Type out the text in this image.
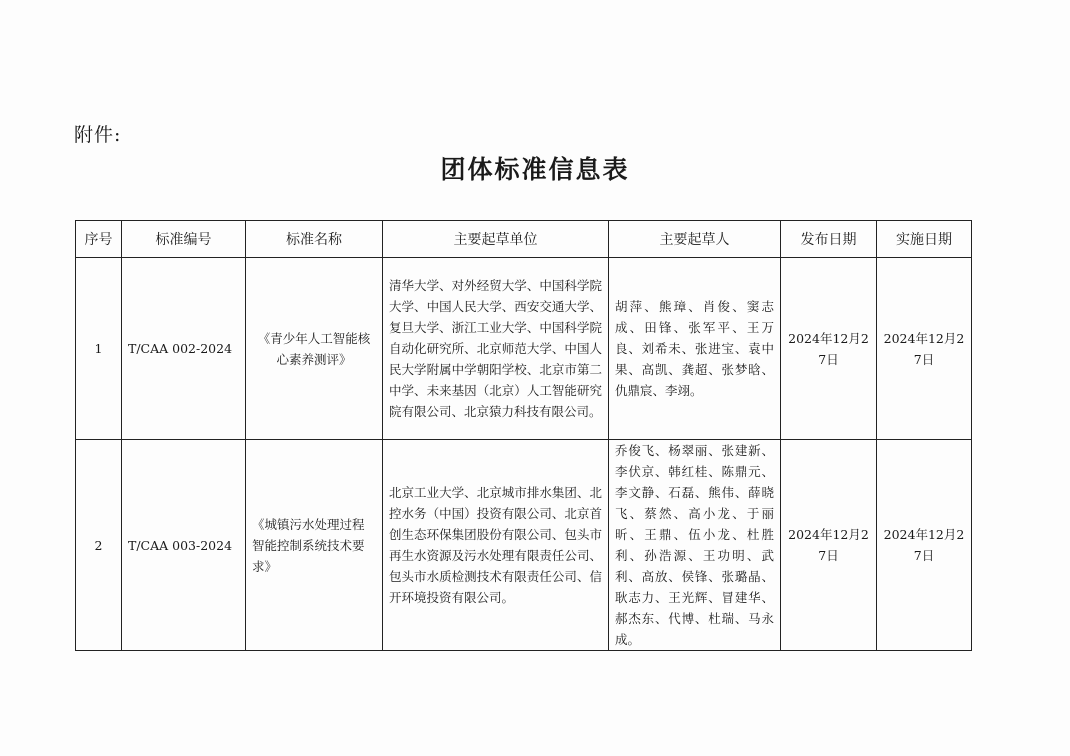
附件:
团体标准信息表
序号	标准编号	标准名称	主要起草单位	主要起草人	发布日期	实施日期
1	T/CAA 002-2024	《青少年人工智能核心素养测评》	清华大学、对外经贸大学、中国科学院大学、中国人民大学、西安交通大学、复旦大学、浙江工业大学、中国科学院自动化研究所、北京师范大学、中国人民大学附属中学朝阳学校、北京市第二中学、未来基因（北京）人工智能研究院有限公司、北京猿力科技有限公司。	胡萍、熊璋、肖俊、窦志成、田锋、张军平、王万良、刘希未、张进宝、袁中果、高凯、龚超、张梦晗、仇鼎宸、李翊。	2024年12月27日	2024年12月27日
2	T/CAA 003-2024	《城镇污水处理过程智能控制系统技术要求》	北京工业大学、北京城市排水集团、北控水务（中国）投资有限公司、北京首创生态环保集团股份有限公司、包头市再生水资源及污水处理有限责任公司、包头市水质检测技术有限责任公司、信开环境投资有限公司。	乔俊飞、杨翠丽、张建新、李伏京、韩红桂、陈鼎元、李文静、石磊、熊伟、薛晓飞、蔡然、高小龙、于丽昕、王鼎、伍小龙、杜胜利、孙浩源、王功明、武利、高放、侯锋、张璐晶、耿志力、王光辉、冒建华、郝杰东、代博、杜瑞、马永成。	2024年12月27日	2024年12月27日
